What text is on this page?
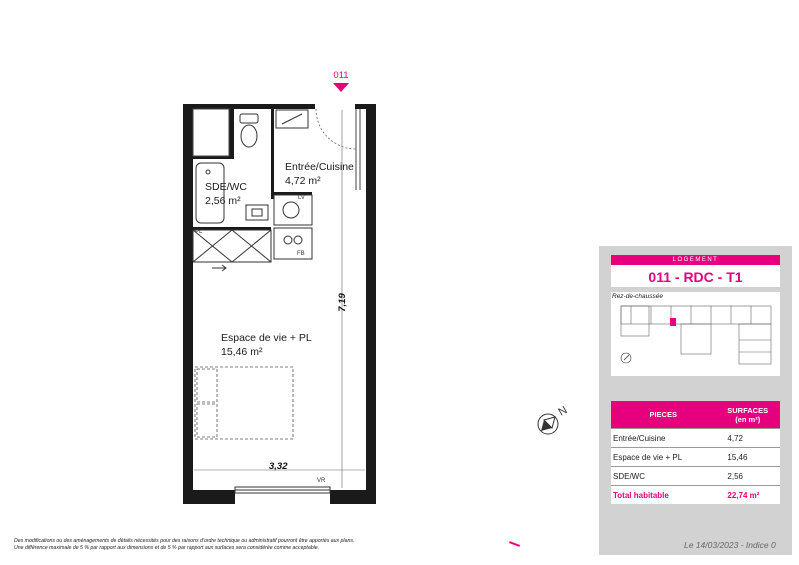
N
011
Entrée/Cuisine
4,72 m²
SDE/WC
2,56 m²
Espace de vie + PL
15,46 m²
PL
LV
FB
VR
7,19
3,32
LOGEMENT
011 - RDC - T1
Rez-de-chaussée
PIECES	SURFACES
(en m²)

Entrée/Cuisine	4,72
Espace de vie + PL	15,46
SDE/WC	2,56
Total habitable	22,74 m²
Le 14/03/2023 - Indice 0
Des modifications ou des aménagements de détails nécessités pour des raisons d'ordre technique ou administratif pourront être apportés aux plans.
Une différence maximale de 5 % par rapport aux dimensions et de 5 % par rapport aux surfaces sera considérée comme acceptable.
